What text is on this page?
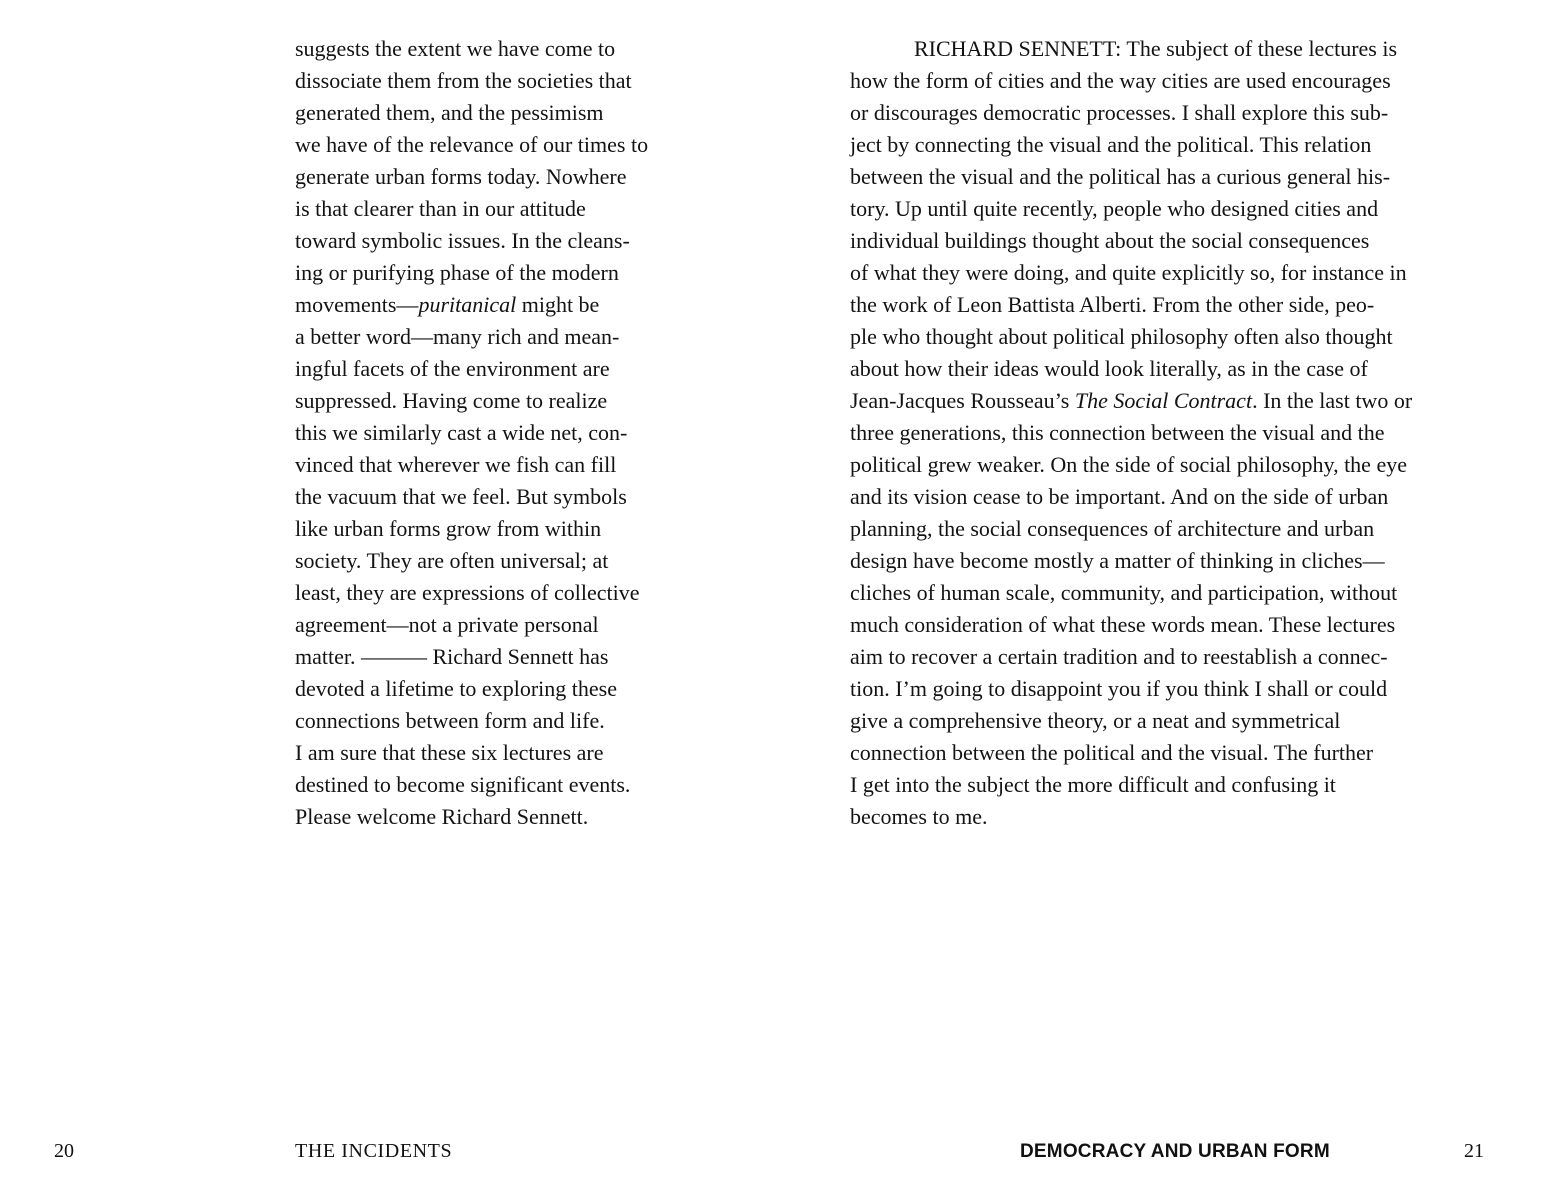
suggests the extent we have come to
dissociate them from the societies that
generated them, and the pessimism
we have of the relevance of our times to
generate urban forms today. Nowhere
is that clearer than in our attitude
toward symbolic issues. In the cleans-
ing or purifying phase of the modern
movements—puritanical might be
a better word—many rich and mean-
ingful facets of the environment are
suppressed. Having come to realize
this we similarly cast a wide net, con-
vinced that wherever we fish can fill
the vacuum that we feel. But symbols
like urban forms grow from within
society. They are often universal; at
least, they are expressions of collective
agreement—not a private personal
matter. ——— Richard Sennett has
devoted a lifetime to exploring these
connections between form and life.
I am sure that these six lectures are
destined to become significant events.
Please welcome Richard Sennett.
RICHARD SENNETT: The subject of these lectures is
how the form of cities and the way cities are used encourages
or discourages democratic processes. I shall explore this sub-
ject by connecting the visual and the political. This relation
between the visual and the political has a curious general his-
tory. Up until quite recently, people who designed cities and
individual buildings thought about the social consequences
of what they were doing, and quite explicitly so, for instance in
the work of Leon Battista Alberti. From the other side, peo-
ple who thought about political philosophy often also thought
about how their ideas would look literally, as in the case of
Jean-Jacques Rousseau’s The Social Contract. In the last two or
three generations, this connection between the visual and the
political grew weaker. On the side of social philosophy, the eye
and its vision cease to be important. And on the side of urban
planning, the social consequences of architecture and urban
design have become mostly a matter of thinking in cliches—
cliches of human scale, community, and participation, without
much consideration of what these words mean. These lectures
aim to recover a certain tradition and to reestablish a connec-
tion. I’m going to disappoint you if you think I shall or could
give a comprehensive theory, or a neat and symmetrical
connection between the political and the visual. The further
I get into the subject the more difficult and confusing it
becomes to me.
20	THE INCIDENTS	DEMOCRACY AND URBAN FORM	21
